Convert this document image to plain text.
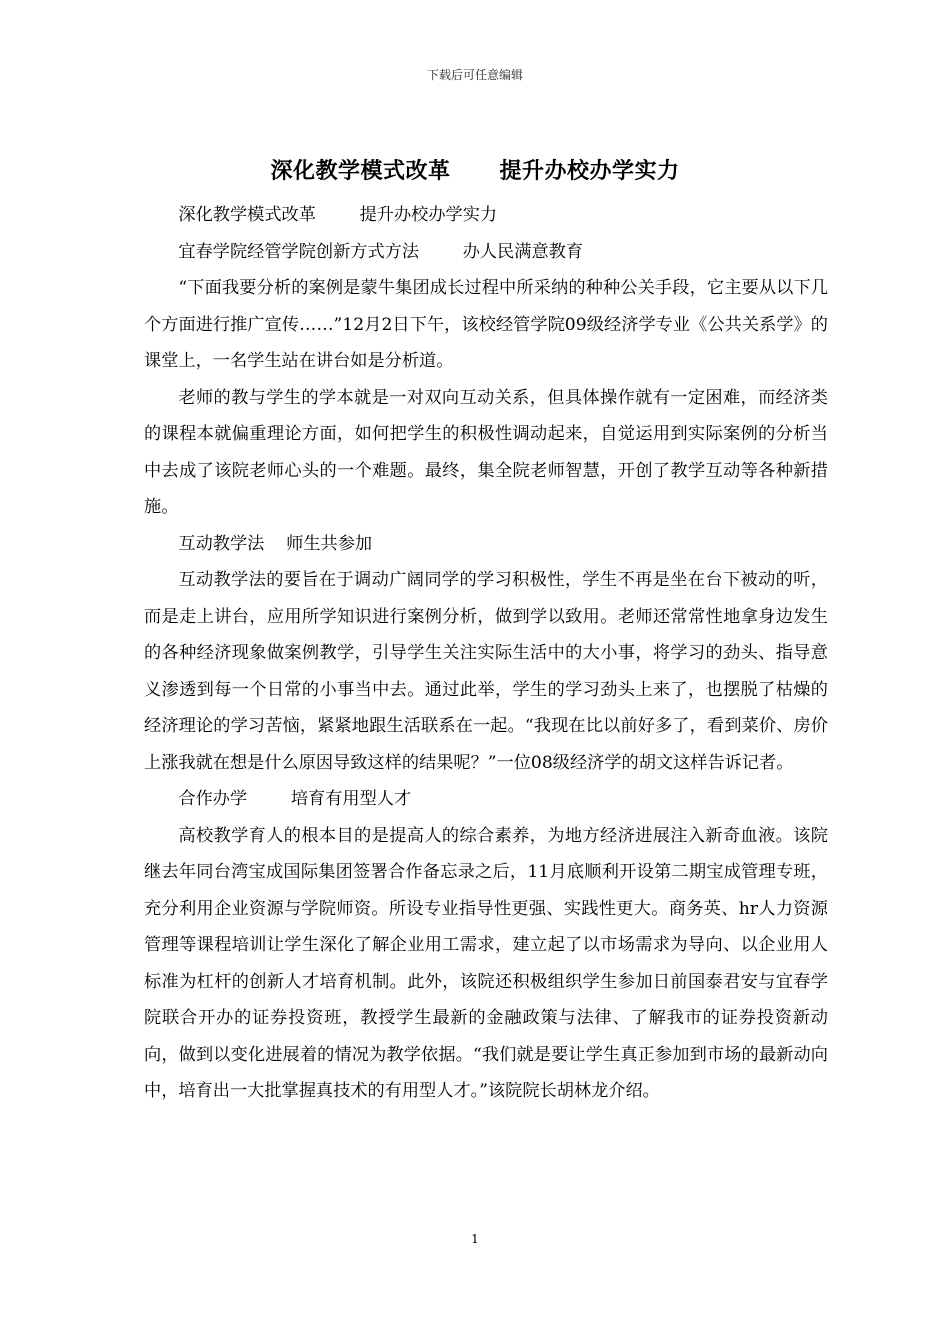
下载后可任意编辑
深化教学模式改革      提升办校办学实力

深化教学模式改革        提升办校办学实力

宜春学院经管学院创新方式方法        办人民满意教育

“下面我要分析的案例是蒙牛集团成长过程中所采纳的种种公关手段，它主要从以下几个方面进行推广宣传……”12月2日下午，该校经管学院09级经济学专业《公共关系学》的课堂上，一名学生站在讲台如是分析道。

老师的教与学生的学本就是一对双向互动关系，但具体操作就有一定困难，而经济类的课程本就偏重理论方面，如何把学生的积极性调动起来，自觉运用到实际案例的分析当中去成了该院老师心头的一个难题。最终，集全院老师智慧，开创了教学互动等各种新措施。

互动教学法    师生共参加

互动教学法的要旨在于调动广阔同学的学习积极性，学生不再是坐在台下被动的听，而是走上讲台，应用所学知识进行案例分析，做到学以致用。老师还常常性地拿身边发生的各种经济现象做案例教学，引导学生关注实际生活中的大小事，将学习的劲头、指导意义渗透到每一个日常的小事当中去。通过此举，学生的学习劲头上来了，也摆脱了枯燥的经济理论的学习苦恼，紧紧地跟生活联系在一起。“我现在比以前好多了，看到菜价、房价上涨我就在想是什么原因导致这样的结果呢？”一位08级经济学的胡文这样告诉记者。

合作办学        培育有用型人才

高校教学育人的根本目的是提高人的综合素养，为地方经济进展注入新奇血液。该院继去年同台湾宝成国际集团签署合作备忘录之后，11月底顺利开设第二期宝成管理专班，充分利用企业资源与学院师资。所设专业指导性更强、实践性更大。商务英、hr人力资源管理等课程培训让学生深化了解企业用工需求，建立起了以市场需求为导向、以企业用人标准为杠杆的创新人才培育机制。此外，该院还积极组织学生参加日前国泰君安与宜春学院联合开办的证券投资班，教授学生最新的金融政策与法律、了解我市的证券投资新动向，做到以变化进展着的情况为教学依据。“我们就是要让学生真正参加到市场的最新动向中，培育出一大批掌握真技术的有用型人才。”该院院长胡林龙介绍。

1
